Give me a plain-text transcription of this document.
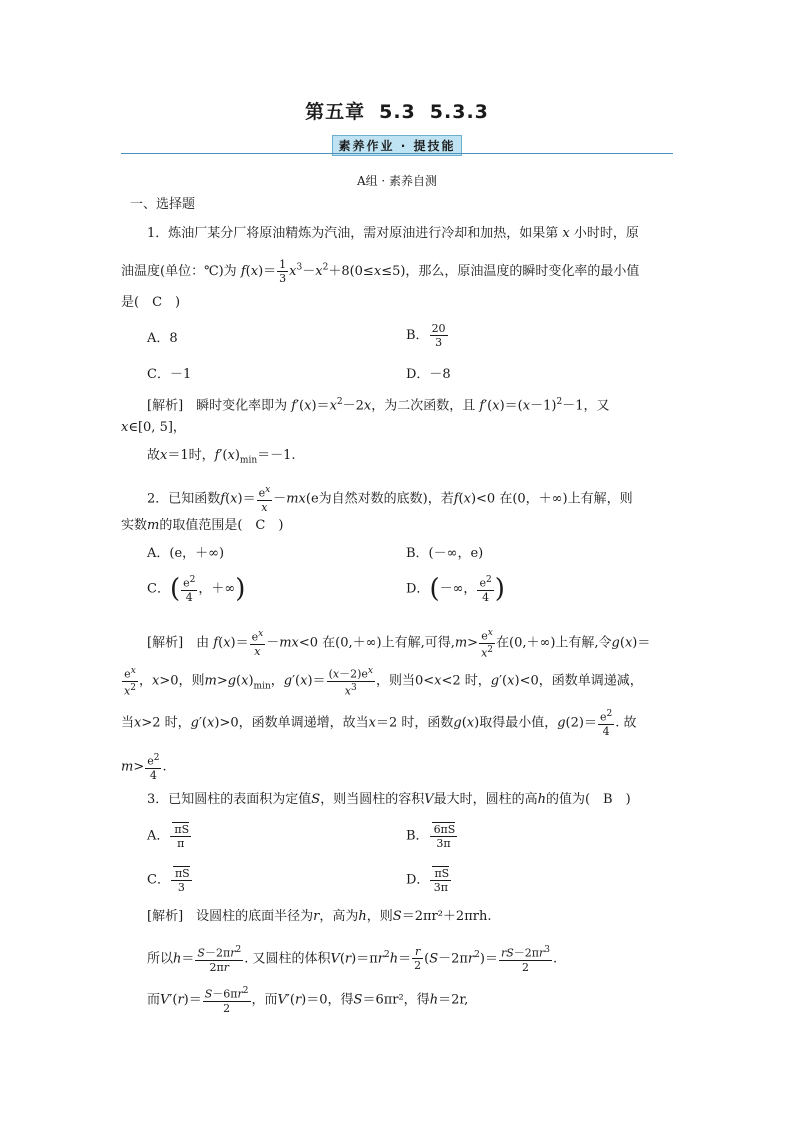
第五章 5.3 5.3.3
素养作业 · 提技能
A组 · 素养自测
一、选择题
1．炼油厂某分厂将原油精炼为汽油，需对原油进行冷却和加热，如果第 x 小时时，原
油温度(单位：℃)为 $f(x)= \frac{1}{3} x^3-x^2+8(0\le x\le 5)$，那么，原油温度的瞬时变化率的最小值
是(　C　)
A．8	B． $\frac{20}{3}$
C．－1	D．－8
[解析]　瞬时变化率即为 $f'(x)=x^2-2x$，为二次函数，且 $f'(x)=(x-1)^2-1$，又
x∈[0, 5]，
故x＝1时，$f'(x)_{min}=-1$.
2．已知函数$f(x)= \frac{e^x}{x} -mx(e$为自然对数的底数)，若f(x)<0 在(0，＋∞)上有解，则
实数m的取值范围是(　C　)
A．(e，＋∞)	B．(－∞，e)
C．( $\frac{e^2}{4}$ ，＋∞)	D．(－∞， $\frac{e^2}{4}$ )
[解析]　由 $f(x)= \frac{e^x}{x} -mx<0$ 在(0,＋∞)上有解,可得$,m> \frac{e^x}{x^2}$ 在(0,＋∞)上有解,令g(x)＝
$\frac{e^x}{x^2}$ ，x>0，则$m>g(x)_{min}$，$g'(x)= \frac{(x-2)e^x}{x^3}$ ，则当0<x<2 时，g′(x)<0，函数单调递减，
当x>2 时，g′(x)>0，函数单调递增，故当x＝2 时，函数g(x)取得最小值，$g(2)= \frac{e^2}{4}$ . 故
$m> \frac{e^2}{4}$ .
3．已知圆柱的表面积为定值S，则当圆柱的容积V最大时，圆柱的高h的值为(　B　)
A． $\frac{\pi S}{\pi}$	B． $\frac{6\pi S}{3\pi}$
C． $\frac{\pi S}{3}$	D． $\frac{\pi S}{3\pi}$
[解析]　设圆柱的底面半径为r，高为h，则S＝2πr²＋2πrh.
所以$h= \frac{S-2\pi r^2}{2\pi r}$ . 又圆柱的体积$V(r)=\pi r^2h= \frac{r}{2} (S-2\pi r^2)= \frac{rS-2\pi r^3}{2}$ .
而$V'(r)= \frac{S-6\pi r^2}{2}$ ，而V′(r)＝0，得S＝6πr²，得h＝2r,
